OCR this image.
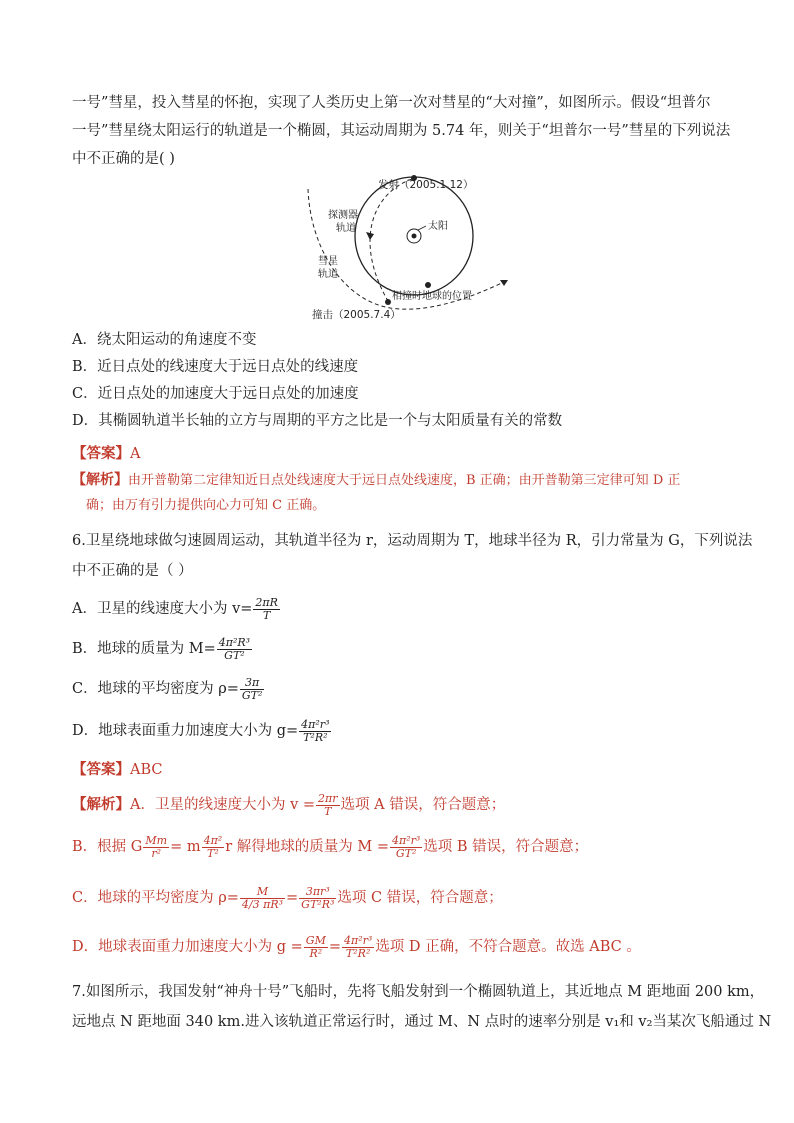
一号”彗星，投入彗星的怀抱，实现了人类历史上第一次对彗星的“大对撞”，如图所示。假设“坦普尔
一号”彗星绕太阳运行的轨道是一个椭圆，其运动周期为 5.74 年，则关于“坦普尔一号”彗星的下列说法
中不正确的是( )
发射（2005.1.12）
探测器
轨道	太阳
彗星
轨道
相撞时地球的位置
撞击（2005.7.4）
A．绕太阳运动的角速度不变
B．近日点处的线速度大于远日点处的线速度
C．近日点处的加速度大于远日点处的加速度
D．其椭圆轨道半长轴的立方与周期的平方之比是一个与太阳质量有关的常数
【答案】A
【解析】由开普勒第二定律知近日点处线速度大于远日点处线速度，B 正确；由开普勒第三定律可知 D 正
确；由万有引力提供向心力可知 C 正确。
6.卫星绕地球做匀速圆周运动，其轨道半径为 r，运动周期为 T，地球半径为 R，引力常量为 G，下列说法
中不正确的是（ ）
A．卫星的线速度大小为 $v= \frac{2\pi R}{T}$
B．地球的质量为 $M= \frac{\text{4π²R³}}{\text{GT²}}$
C．地球的平均密度为 $\rho= \frac{3\pi}{\text{GT²}}$
D．地球表面重力加速度大小为 $g= \frac{\text{4π²r³}}{\text{T²R²}}$
【答案】ABC
【解析】A．卫星的线速度大小为 $v = \frac{2\pi r}{T}$ 选项 A 错误，符合题意；
B．根据 G $\frac{Mm}{\text{r²}} = m \frac{\text{4π²}}{\text{T²}}$ r 解得地球的质量为 $M = \frac{\text{4π²r³}}{\text{GT²}}$ 选项 B 错误，符合题意；
C．地球的平均密度为 $\rho= \frac{M}{\text{4/3 πR³}} = \frac{\text{3πr³}}{\text{GT²R³}}$ 选项 C 错误，符合题意；
D．地球表面重力加速度大小为 $g = \frac{GM}{\text{R²}} = \frac{\text{4π²r³}}{\text{T²R²}}$ 选项 D 正确，不符合题意。故选 ABC 。
7.如图所示，我国发射“神舟十号”飞船时，先将飞船发射到一个椭圆轨道上，其近地点 M 距地面 200 km，
远地点 N 距地面 340 km.进入该轨道正常运行时，通过 M、N 点时的速率分别是 v₁和 v₂当某次飞船通过 N
